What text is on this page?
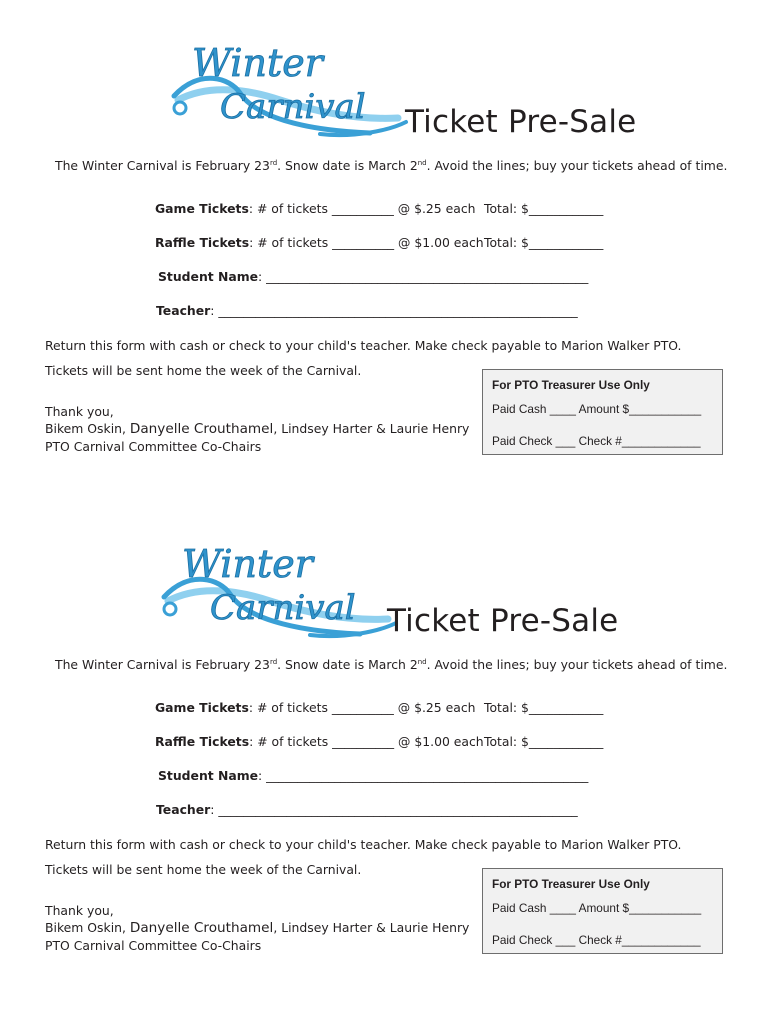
Winter
Carnival Ticket Pre-Sale
The Winter Carnival is February 23rd. Snow date is March 2nd. Avoid the lines; buy your tickets ahead of time.
Game Tickets: # of tickets __________ @ $.25 each Total: $____________
Raffle Tickets: # of tickets __________ @ $1.00 each Total: $____________
Student Name: ____________________________________________________
Teacher: __________________________________________________________
Return this form with cash or check to your child's teacher. Make check payable to Marion Walker PTO.
Tickets will be sent home the week of the Carnival.
Thank you,
Bikem Oskin, Danyelle Crouthamel, Lindsey Harter & Laurie Henry
PTO Carnival Committee Co-Chairs
For PTO Treasurer Use Only
Paid Cash ____ Amount $___________
Paid Check ___ Check #____________
Winter
Carnival Ticket Pre-Sale
The Winter Carnival is February 23rd. Snow date is March 2nd. Avoid the lines; buy your tickets ahead of time.
Game Tickets: # of tickets __________ @ $.25 each Total: $____________
Raffle Tickets: # of tickets __________ @ $1.00 each Total: $____________
Student Name: ____________________________________________________
Teacher: __________________________________________________________
Return this form with cash or check to your child's teacher. Make check payable to Marion Walker PTO.
Tickets will be sent home the week of the Carnival.
Thank you,
Bikem Oskin, Danyelle Crouthamel, Lindsey Harter & Laurie Henry
PTO Carnival Committee Co-Chairs
For PTO Treasurer Use Only
Paid Cash ____ Amount $___________
Paid Check ___ Check #____________
